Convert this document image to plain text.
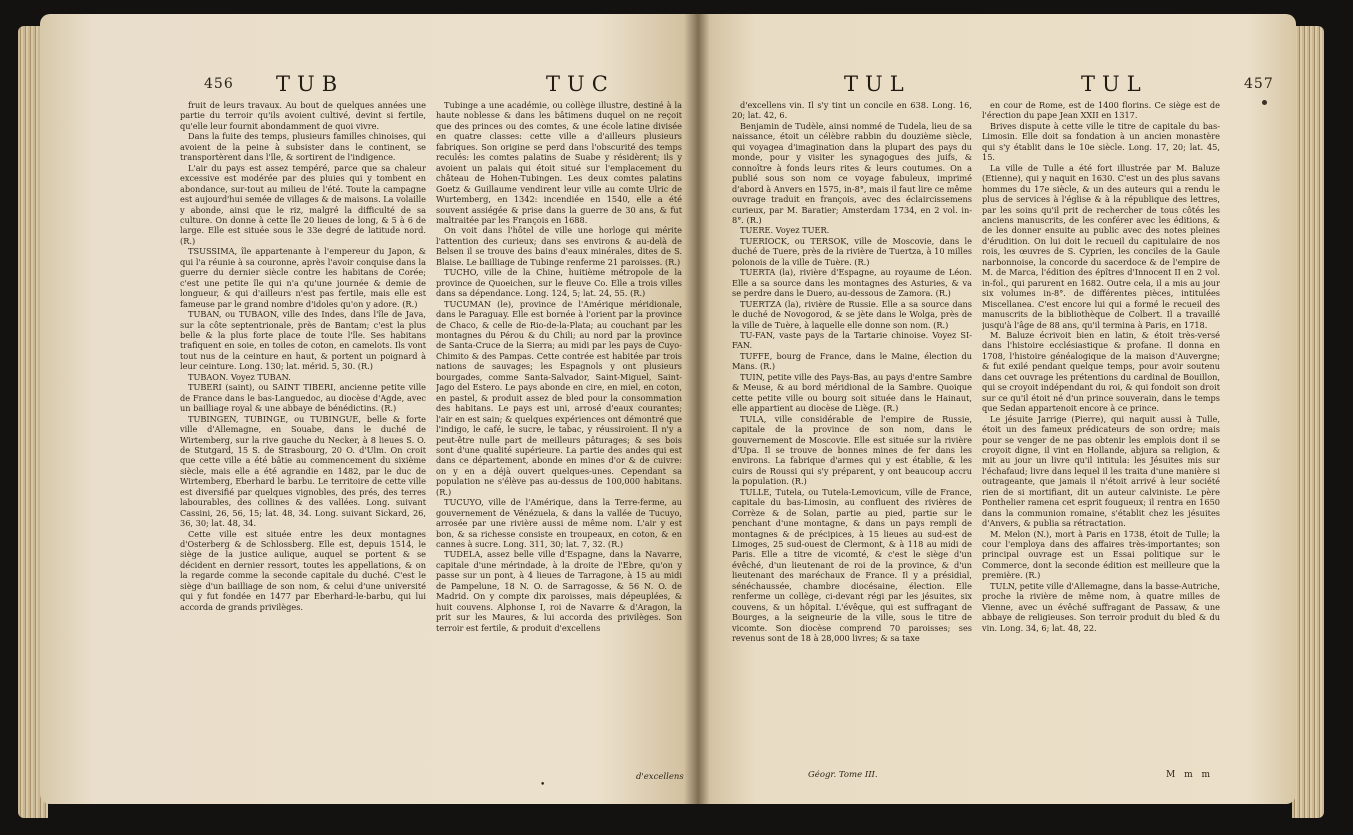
456 TUB	TUC

fruit de leurs travaux. Au bout de quelques années une partie du terroir qu'ils avoient cultivé, devint si fertile, qu'elle leur fournit abondamment de quoi vivre.

Dans la fuite des temps, plusieurs familles chinoises, qui avoient de la peine à subsister dans le continent, se transportèrent dans l'île, & sortirent de l'indigence.

L'air du pays est assez tempéré, parce que sa chaleur excessive est modérée par des pluies qui y tombent en abondance, sur-tout au milieu de l'été. Toute la campagne est aujourd'hui semée de villages & de maisons. La volaille y abonde, ainsi que le riz, malgré la difficulté de sa culture. On donne à cette île 20 lieues de long, & 5 à 6 de large. Elle est située sous le 33e degré de latitude nord. (R.)

TSUSSIMA, île appartenante à l'empereur du Japon, & qui l'a réunie à sa couronne, après l'avoir conquise dans la guerre du dernier siècle contre les habitans de Corée; c'est une petite île qui n'a qu'une journée & demie de longueur, & qui d'ailleurs n'est pas fertile, mais elle est fameuse par le grand nombre d'idoles qu'on y adore. (R.)

TUBAN, ou TUBAON, ville des Indes, dans l'île de Java, sur la côte septentrionale, près de Bantam; c'est la plus belle & la plus forte place de toute l'île. Ses habitans trafiquent en soie, en toiles de coton, en camelots. Ils vont tout nus de la ceinture en haut, & portent un poignard à leur ceinture. Long. 130; lat. mérid. 5, 30. (R.)

TUBAON. Voyez TUBAN.

TUBERI (saint), ou SAINT TIBERI, ancienne petite ville de France dans le bas-Languedoc, au diocèse d'Agde, avec un bailliage royal & une abbaye de bénédictins. (R.)

TUBINGEN, TUBINGE, ou TUBINGUE, belle & forte ville d'Allemagne, en Souabe, dans le duché de Wirtemberg, sur la rive gauche du Necker, à 8 lieues S. O. de Stutgard, 15 S. de Strasbourg, 20 O. d'Ulm. On croit que cette ville a été bâtie au commencement du sixième siècle, mais elle a été agrandie en 1482, par le duc de Wirtemberg, Eberhard le barbu. Le territoire de cette ville est diversifié par quelques vignobles, des prés, des terres labourables, des collines & des vallées. Long. suivant Cassini, 26, 56, 15; lat. 48, 34. Long. suivant Sickard, 26, 36, 30; lat. 48, 34.

Cette ville est située entre les deux montagnes d'Osterberg & de Schlossberg. Elle est, depuis 1514, le siège de la justice aulique, auquel se portent & se décident en dernier ressort, toutes les appellations, & on la regarde comme la seconde capitale du duché. C'est le siège d'un bailliage de son nom, & celui d'une université qui y fut fondée en 1477 par Eberhard-le-barbu, qui lui accorda de grands privilèges.

Tubinge a une académie, ou collège illustre, destiné à la haute noblesse & dans les bâtimens duquel on ne reçoit que des princes ou des comtes, & une école latine divisée en quatre classes: cette ville a d'ailleurs plusieurs fabriques. Son origine se perd dans l'obscurité des temps reculés: les comtes palatins de Suabe y résidèrent; ils y avoient un palais qui étoit situé sur l'emplacement du château de Hohen-Tubingen. Les deux comtes palatins Goetz & Guillaume vendirent leur ville au comte Ulric de Wurtemberg, en 1342: incendiée en 1540, elle a été souvent assiégée & prise dans la guerre de 30 ans, & fut maltraitée par les François en 1688.

On voit dans l'hôtel de ville une horloge qui mérite l'attention des curieux; dans ses environs & au-delà de Belsen il se trouve des bains d'eaux minérales, dites de S. Blaise. Le bailliage de Tubinge renferme 21 paroisses. (R.)

TUCHO, ville de la Chine, huitième métropole de la province de Quoeichen, sur le fleuve Co. Elle a trois villes dans sa dépendance. Long. 124, 5; lat. 24, 55. (R.)

TUCUMAN (le), province de l'Amérique méridionale, dans le Paraguay. Elle est bornée à l'orient par la province de Chaco, & celle de Rio-de-la-Plata; au couchant par les montagnes du Pérou & du Chili; au nord par la province de Santa-Cruce de la Sierra; au midi par les pays de Cuyo-Chimito & des Pampas. Cette contrée est habitée par trois nations de sauvages; les Espagnols y ont plusieurs bourgades, comme Santa-Salvador, Saint-Miguel, Saint-Jago del Estero. Le pays abonde en cire, en miel, en coton, en pastel, & produit assez de bled pour la consommation des habitans. Le pays est uni, arrosé d'eaux courantes; l'air en est sain; & quelques expériences ont démontré que l'indigo, le café, le sucre, le tabac, y réussiroient. Il n'y a peut-être nulle part de meilleurs pâturages; & ses bois sont d'une qualité supérieure. La partie des andes qui est dans ce département, abonde en mines d'or & de cuivre: on y en a déjà ouvert quelques-unes. Cependant sa population ne s'élève pas au-dessus de 100,000 habitans. (R.)

TUCUYO, ville de l'Amérique, dans la Terre-ferme, au gouvernement de Vénézuela, & dans la vallée de Tucuyo, arrosée par une rivière aussi de même nom. L'air y est bon, & sa richesse consiste en troupeaux, en coton, & en cannes à sucre. Long. 311, 30; lat. 7, 32. (R.)

TUDELA, assez belle ville d'Espagne, dans la Navarre, capitale d'une mérindade, à la droite de l'Ebre, qu'on y passe sur un pont, à 4 lieues de Tarragone, à 15 au midi de Pampelune, 18 N. O. de Sarragosse, & 56 N. O. de Madrid. On y compte dix paroisses, mais dépeuplées, & huit couvens. Alphonse I, roi de Navarre & d'Aragon, la prit sur les Maures, & lui accorda des privilèges. Son terroir est fertile, & produit d'excellens

d'excellens
•
TUL	TUL	457

d'excellens vin. Il s'y tint un concile en 638. Long. 16, 20; lat. 42, 6.

Benjamin de Tudèle, ainsi nommé de Tudela, lieu de sa naissance, étoit un célèbre rabbin du douzième siècle, qui voyagea d'imagination dans la plupart des pays du monde, pour y visiter les synagogues des juifs, & connoître à fonds leurs rites & leurs coutumes. On a publié sous son nom ce voyage fabuleux, imprimé d'abord à Anvers en 1575, in-8°, mais il faut lire ce même ouvrage traduit en françois, avec des éclaircissemens curieux, par M. Baratier; Amsterdam 1734, en 2 vol. in-8°. (R.)

TUERE. Voyez TUER.

TUERIOCK, ou TERSOK, ville de Moscovie, dans le duché de Tuere, près de la rivière de Tuertza, à 10 milles polonois de la ville de Tuère. (R.)

TUERTA (la), rivière d'Espagne, au royaume de Léon. Elle a sa source dans les montagnes des Asturies, & va se perdre dans le Duero, au-dessous de Zamora. (R.)

TUERTZA (la), rivière de Russie. Elle a sa source dans le duché de Novogorod, & se jète dans le Wolga, près de la ville de Tuère, à laquelle elle donne son nom. (R.)

TU-FAN, vaste pays de la Tartarie chinoise. Voyez SI-FAN.

TUFFE, bourg de France, dans le Maine, élection du Mans. (R.)

TUIN, petite ville des Pays-Bas, au pays d'entre Sambre & Meuse, & au bord méridional de la Sambre. Quoique cette petite ville ou bourg soit située dans le Hainaut, elle appartient au diocèse de Liège. (R.)

TULA, ville considérable de l'empire de Russie, capitale de la province de son nom, dans le gouvernement de Moscovie. Elle est située sur la rivière d'Upa. Il se trouve de bonnes mines de fer dans les environs. La fabrique d'armes qui y est établie, & les cuirs de Roussi qui s'y préparent, y ont beaucoup accru la population. (R.)

TULLE, Tutela, ou Tutela-Lemovicum, ville de France, capitale du bas-Limosin, au confluent des rivières de Corrèze & de Solan, partie au pied, partie sur le penchant d'une montagne, & dans un pays rempli de montagnes & de précipices, à 15 lieues au sud-est de Limoges, 25 sud-ouest de Clermont, & à 118 au midi de Paris. Elle a titre de vicomté, & c'est le siège d'un évêché, d'un lieutenant de roi de la province, & d'un lieutenant des maréchaux de France. Il y a présidial, sénéchaussée, chambre diocésaine, élection. Elle renferme un collège, ci-devant régi par les jésuites, six couvens, & un hôpital. L'évêque, qui est suffragant de Bourges, a la seigneurie de la ville, sous le titre de vicomte. Son diocèse comprend 70 paroisses; ses revenus sont de 18 à 28,000 livres; & sa taxe

en cour de Rome, est de 1400 florins. Ce siège est de l'érection du pape Jean XXII en 1317.

Brives dispute à cette ville le titre de capitale du bas-Limosin. Elle doit sa fondation à un ancien monastère qui s'y établit dans le 10e siècle. Long. 17, 20; lat. 45, 15.

La ville de Tulle a été fort illustrée par M. Baluze (Etienne), qui y naquit en 1630. C'est un des plus savans hommes du 17e siècle, & un des auteurs qui a rendu le plus de services à l'église & à la république des lettres, par les soins qu'il prit de rechercher de tous côtés les anciens manuscrits, de les conférer avec les éditions, & de les donner ensuite au public avec des notes pleines d'érudition. On lui doit le recueil du capitulaire de nos rois, les œuvres de S. Cyprien, les conciles de la Gaule narbonnoise, la concorde du sacerdoce & de l'empire de M. de Marca, l'édition des épîtres d'Innocent II en 2 vol. in-fol., qui parurent en 1682. Outre cela, il a mis au jour six volumes in-8°. de différentes pièces, intitulées Miscellanea. C'est encore lui qui a formé le recueil des manuscrits de la bibliothèque de Colbert. Il a travaillé jusqu'à l'âge de 88 ans, qu'il termina à Paris, en 1718.

M. Baluze écrivoit bien en latin, & étoit très-versé dans l'histoire ecclésiastique & profane. Il donna en 1708, l'histoire généalogique de la maison d'Auvergne; & fut exilé pendant quelque temps, pour avoir soutenu dans cet ouvrage les prétentions du cardinal de Bouillon, qui se croyoit indépendant du roi, & qui fondoit son droit sur ce qu'il étoit né d'un prince souverain, dans le temps que Sedan appartenoit encore à ce prince.

Le jésuite Jarrige (Pierre), qui naquit aussi à Tulle, étoit un des fameux prédicateurs de son ordre; mais pour se venger de ne pas obtenir les emplois dont il se croyoit digne, il vint en Hollande, abjura sa religion, & mit au jour un livre qu'il intitula: les Jésuites mis sur l'échafaud; livre dans lequel il les traita d'une manière si outrageante, que jamais il n'étoit arrivé à leur société rien de si mortifiant, dit un auteur calviniste. Le père Ponthelier ramena cet esprit fougueux; il rentra en 1650 dans la communion romaine, s'établit chez les jésuites d'Anvers, & publia sa rétractation.

M. Melon (N.), mort à Paris en 1738, étoit de Tulle; la cour l'employa dans des affaires très-importantes; son principal ouvrage est un Essai politique sur le Commerce, dont la seconde édition est meilleure que la première. (R.)

TULN, petite ville d'Allemagne, dans la basse-Autriche, proche la rivière de même nom, à quatre milles de Vienne, avec un évêché suffragant de Passaw, & une abbaye de religieuses. Son terroir produit du bled & du vin. Long. 34, 6; lat. 48, 22.

Géogr. Tome III.	M m m
